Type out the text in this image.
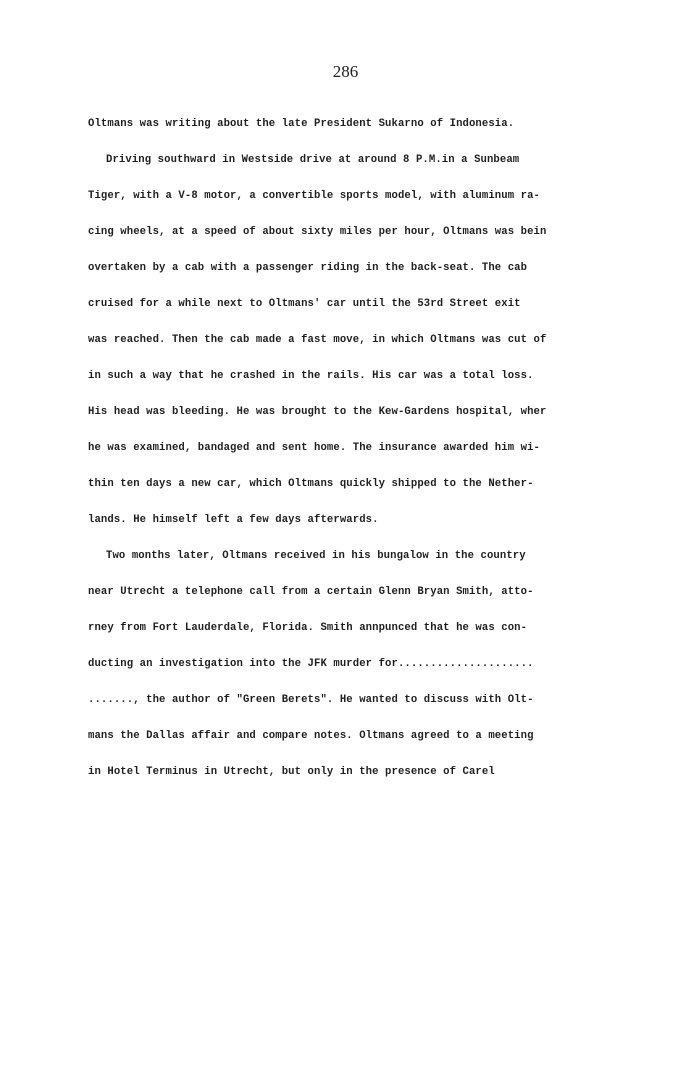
286
Oltmans was writing about the late President Sukarno of Indonesia.
Driving southward in Westside drive at around 8 P.M.in a Sunbeam
Tiger, with a V-8 motor, a convertible sports model, with aluminum ra-
cing wheels, at a speed of about sixty miles per hour, Oltmans was bein
overtaken by a cab with a passenger riding in the back-seat. The cab
cruised for a while next to Oltmans' car until the 53rd Street exit
was reached. Then the cab made a fast move, in which Oltmans was cut of
in such a way that he crashed in the rails. His car was a total loss.
His head was bleeding. He was brought to the Kew-Gardens hospital, wher
he was examined, bandaged and sent home. The insurance awarded him wi-
thin ten days a new car, which Oltmans quickly shipped to the Nether-
lands. He himself left a few days afterwards.
Two months later, Oltmans received in his bungalow in the country
near Utrecht a telephone call from a certain Glenn Bryan Smith, atto-
rney from Fort Lauderdale, Florida. Smith annpunced that he was con-
ducting an investigation into the JFK murder for.....................
......., the author of "Green Berets". He wanted to discuss with Olt-
mans the Dallas affair and compare notes. Oltmans agreed to a meeting
in Hotel Terminus in Utrecht, but only in the presence of Carel
